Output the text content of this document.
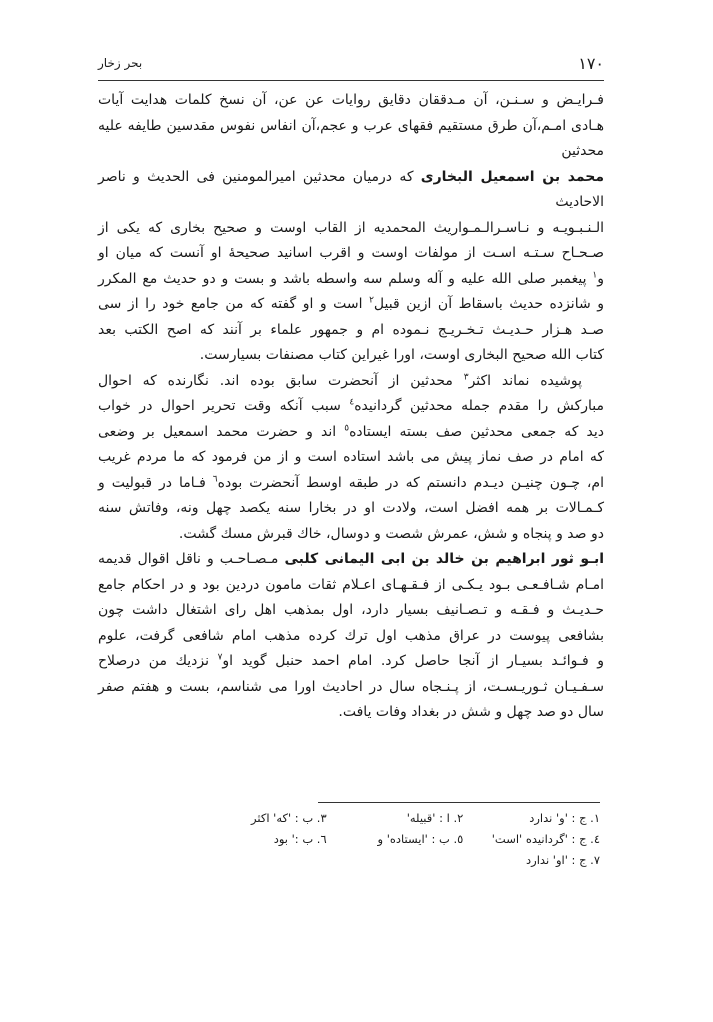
۱۷۰
بحر زخار

فـرایـض و سـنـن، آن مـدققان دقایق روایات عن عن، آن نسخ کلمات هدایت آیات

هـادی امـم،آن طرق مستقیم فقهای عرب و عجم،آن انفاس نفوس مقدسین طایفه علیه محدثین

محمد بن اسمعیل البخاری که درمیان محدثین امیرالمومنین فی الحدیث و ناصر الاحادیث

الـنـبـویـه و نـاسـرالـمـواریث المحمدیه از القاب اوست و صحیح بخاری که یکی از

صـحـاح سـتـه اسـت از مولفات اوست و اقرب اسانید صحیحهٔ او آنست که میان او

و$^۱$ پیغمبر صلی الله علیه و آله وسلم سه واسطه باشد و بست و دو حدیث مع المکرر

و شانزده حدیث باسقاط آن ازین قبیل$^۲$ است و او گفته که من جامع خود را از سی

صـد هـزار حـدیـث تـخـریـج نـموده ام و جمهور علماء بر آنند که اصح الکتب بعد

کتاب الله صحیح البخاری اوست، اورا غیراین کتاب مصنفات بسیارست.

پوشیده نماند اکثر$^۳$ محدثین از آنحضرت سابق بوده اند. نگارنده که احوال

مبارکش را مقدم جمله محدثین گردانیده$^٤$ سبب آنکه وقت تحریر احوال در خواب

دید که جمعی محدثین صف بسته ایستاده$^٥$ اند و حضرت محمد اسمعیل بر وضعی

که امام در صف نماز پیش می باشد استاده است و از من فرمود که ما مردم غریب

ام، چـون چنیـن دیـدم دانستم که در طبقه اوسط آنحضرت بوده$^٦$ فـاما در قبولیت و

کـمـالات بر همه افضل است، ولادت او در بخارا سنه یکصد چهل ونه، وفاتش سنه

دو صد و پنجاه و شش، عمرش شصت و دوسال، خاك قبرش مسك گشت.

ابـو ثور ابراهیم بن خالد بن ابی الیمانی کلبی مـصـاحـب و ناقل اقوال قدیمه

امـام شـافـعـی بـود یـکـی از فـقـهـای اعـلام ثقات مامون دردین بود و در احکام جامع

حـدیـث و فـقـه و تـصـانیف بسیار دارد، اول بمذهب اهل رای اشتغال داشت چون

بشافعی پیوست در عراق مذهب اول ترك کرده مذهب امام شافعی گرفت، علوم

و فـوائـد بسیـار از آنجا حاصل کرد. امام احمد حنبل گوید او$^۷$ نزدیك من درصلاح

سـفـیـان ثـوریـسـت، از پـنـجاه سال در احادیث اورا می شناسم، بست و هفتم صفر

سال دو صد چهل و شش در بغداد وفات یافت.

۱. ج : 'و' ندارد
۲. ا : 'قبیله'
۳. ب : 'که' اکثر
٤. ج : 'گردانیده 'است'
٥. ب : 'ایستاده' و
٦. ب :' بود
۷. ج : 'او' ندارد
